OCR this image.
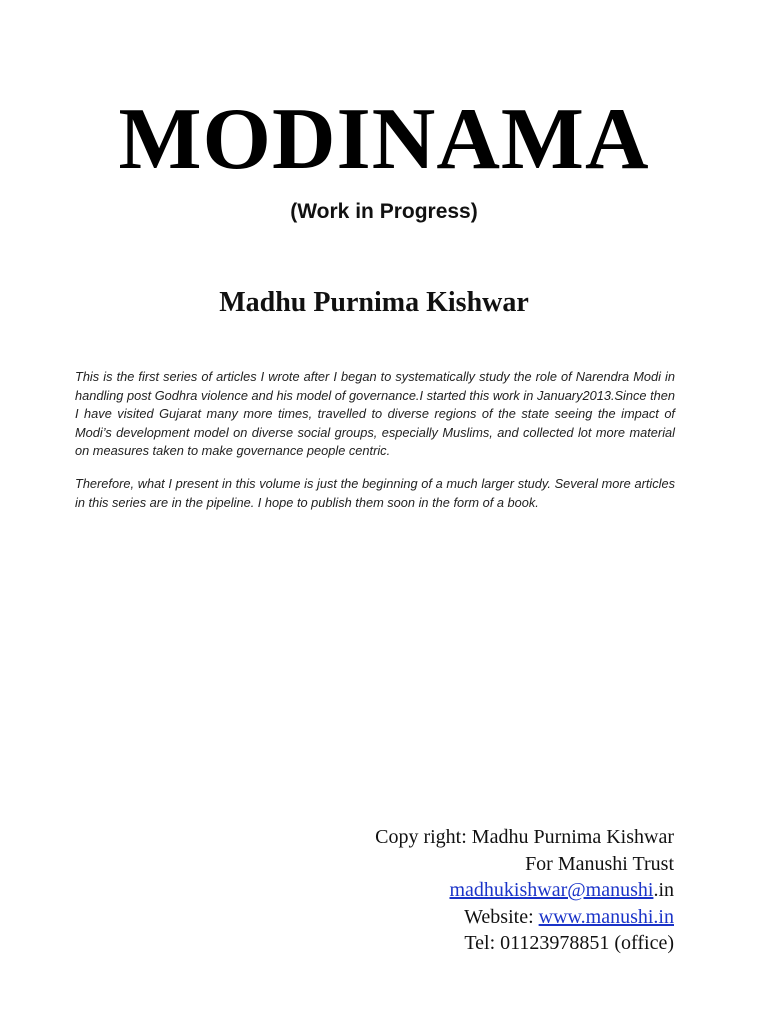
MODINAMA
(Work in Progress)
Madhu Purnima Kishwar

This is the first series of articles I wrote after I began to systematically study the role of Narendra Modi in handling post Godhra violence and his model of governance.I started this work in January2013.Since then I have visited Gujarat many more times, travelled to diverse regions of the state seeing the impact of Modi’s development model on diverse social groups, especially Muslims, and collected lot more material on measures taken to make governance people centric.

Therefore, what I present in this volume is just the beginning of a much larger study. Several more articles in this series are in the pipeline. I hope to publish them soon in the form of a book.

Copy right: Madhu Purnima Kishwar
For Manushi Trust
madhukishwar@manushi.in
Website: www.manushi.in
Tel: 01123978851 (office)
